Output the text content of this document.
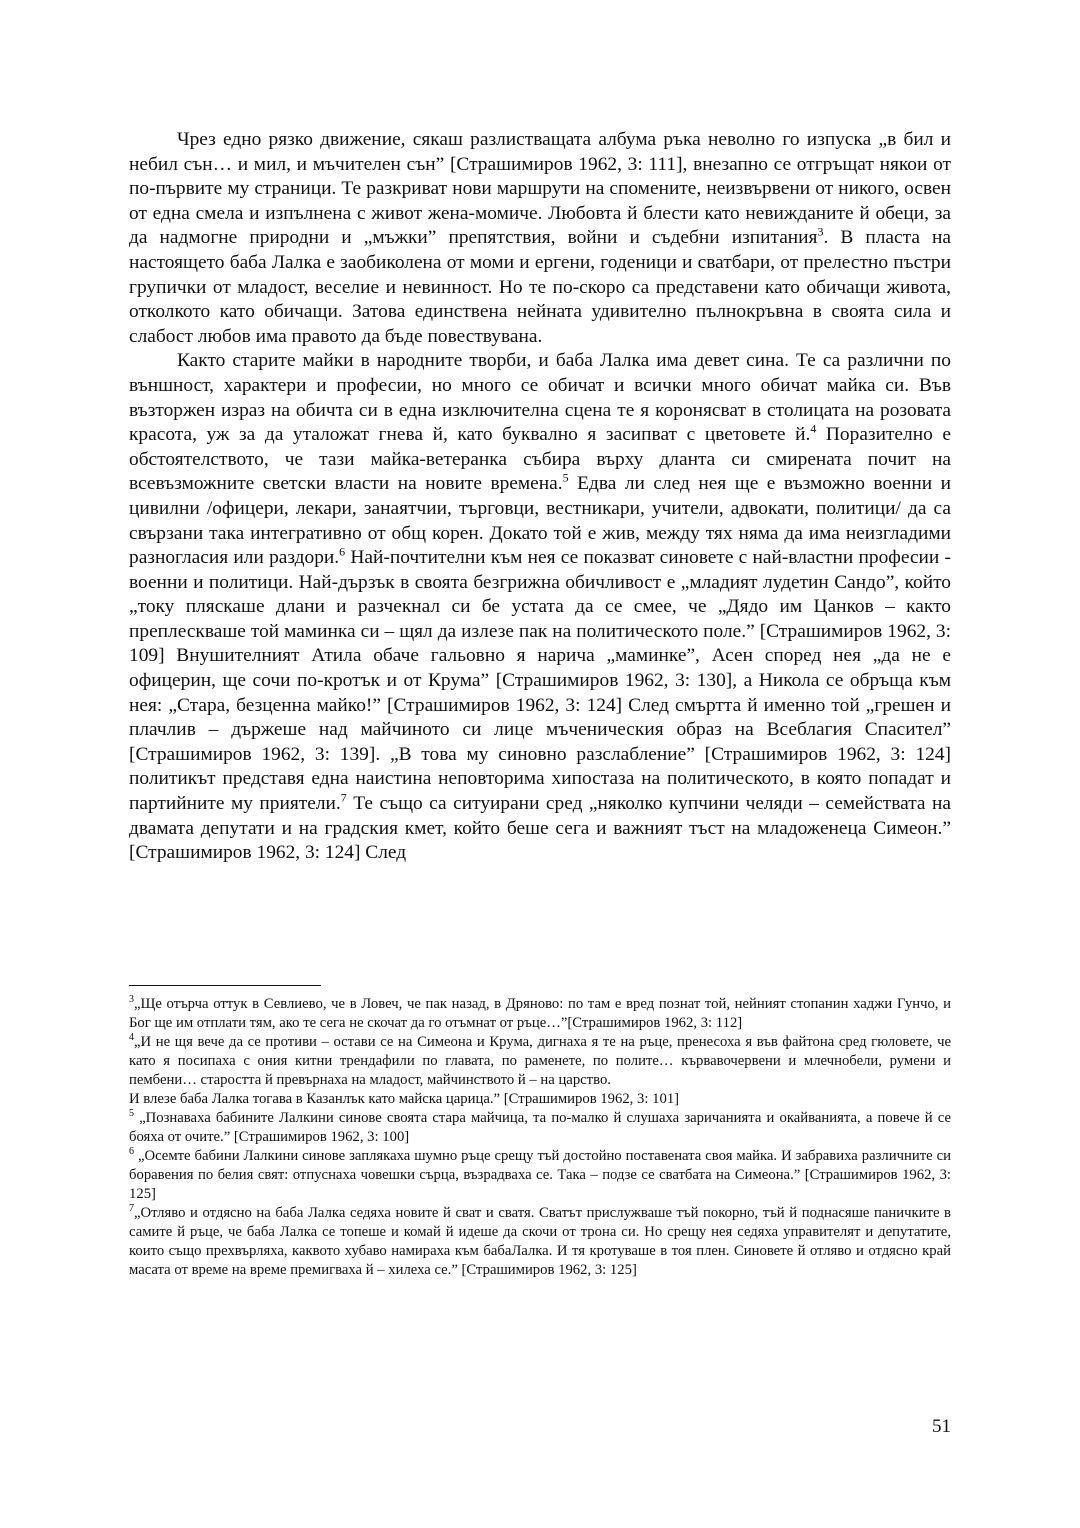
Чрез едно рязко движение, сякаш разлистващата албума ръка неволно го изпуска „в бил и небил сън… и мил, и мъчителен сън” [Страшимиров 1962, 3: 111], внезапно се отгръщат някои от по-първите му страници. Те разкриват нови маршрути на спомените, неизвървени от никого, освен от една смела и изпълнена с живот жена-момиче. Любовта й блести като невижданите й обеци, за да надмогне природни и „мъжки” препятствия, войни и съдебни изпитания$^3$. В пласта на настоящето баба Лалка е заобиколена от моми и ергени, годеници и сватбари, от прелестно пъстри групички от младост, веселие и невинност. Но те по-скоро са представени като обичащи живота, отколкото като обичащи. Затова единствена нейната удивително пълнокръвна в своята сила и слабост любов има правото да бъде повествувана.

Както старите майки в народните творби, и баба Лалка има девет сина. Те са различни по външност, характери и професии, но много се обичат и всички много обичат майка си. Във възторжен израз на обичта си в една изключителна сцена те я коронясват в столицата на розовата красота, уж за да уталожат гнева й, като буквално я засипват с цветовете й.$^4$ Поразително е обстоятелството, че тази майка-ветеранка събира върху дланта си смирената почит на всевъзможните светски власти на новите времена.$^5$ Едва ли след нея ще е възможно военни и цивилни /офицери, лекари, занаятчии, търговци, вестникари, учители, адвокати, политици/ да са свързани така интегративно от общ корен. Докато той е жив, между тях няма да има неизгладими разногласия или раздори.$^6$ Най-почтителни към нея се показват синовете с най-властни професии - военни и политици. Най-дързък в своята безгрижна обичливост е „младият лудетин Сандо”, който „току пляскаше длани и разчекнал си бе устата да се смее, че „Дядо им Цанков – както преплескваше той маминка си – щял да излезе пак на политическото поле.” [Страшимиров 1962, 3: 109] Внушителният Атила обаче гальовно я нарича „маминке”, Асен според нея „да не е офицерин, ще сочи по-кротък и от Крума” [Страшимиров 1962, 3: 130], а Никола се обръща към нея: „Стара, безценна майко!” [Страшимиров 1962, 3: 124] След смъртта й именно той „грешен и плачлив – държеше над майчиното си лице мъченическия образ на Всеблагия Спасител” [Страшимиров 1962, 3: 139]. „В това му синовно разслабление” [Страшимиров 1962, 3: 124] политикът представя една наистина неповторима хипостаза на политическото, в която попадат и партийните му приятели.$^7$ Те също са ситуирани сред „няколко купчини челяди – семействата на двамата депутати и на градския кмет, който беше сега и важният тъст на младоженеца Симеон.” [Страшимиров 1962, 3: 124] След

$^3$„Ще отърча оттук в Севлиево, че в Ловеч, че пак назад, в Дряново: по там е вред познат той, нейният стопанин хаджи Гунчо, и Бог ще им отплати тям, ако те сега не скочат да го отъмнат от ръце…”[Страшимиров 1962, 3: 112]

$^4$„И не щя вече да се противи – остави се на Симеона и Крума, дигнаха я те на ръце, пренесоха я във файтона сред гюловете, че като я посипаха с ония китни трендафили по главата, по раменете, по полите… кървавочервени и млечнобели, румени и пембени… старостта й превърнаха на младост, майчинството й – на царство.

И влезе баба Лалка тогава в Казанлък като майска царица.” [Страшимиров 1962, 3: 101]

$^5$ „Познаваха бабините Лалкини синове своята стара майчица, та по-малко й слушаха заричанията и окайванията, а повече й се бояха от очите.” [Страшимиров 1962, 3: 100]

$^6$ „Осемте бабини Лалкини синове заплякаха шумно ръце срещу тъй достойно поставената своя майка. И забравиха различните си боравения по белия свят: отпуснаха човешки сърца, възрадваха се. Така – подзе се сватбата на Симеона.” [Страшимиров 1962, 3: 125]

$^7$„Отляво и отдясно на баба Лалка седяха новите й сват и сватя. Сватът прислужваше тъй покорно, тъй й поднасяше паничките в самите й ръце, че баба Лалка се топеше и комай й идеше да скочи от трона си. Но срещу нея седяха управителят и депутатите, които също прехвърляха, каквото хубаво намираха към бабаЛалка. И тя кротуваше в тоя плен. Синовете й отляво и отдясно край масата от време на време премигваха й – хилеха се.” [Страшимиров 1962, 3: 125]

51
